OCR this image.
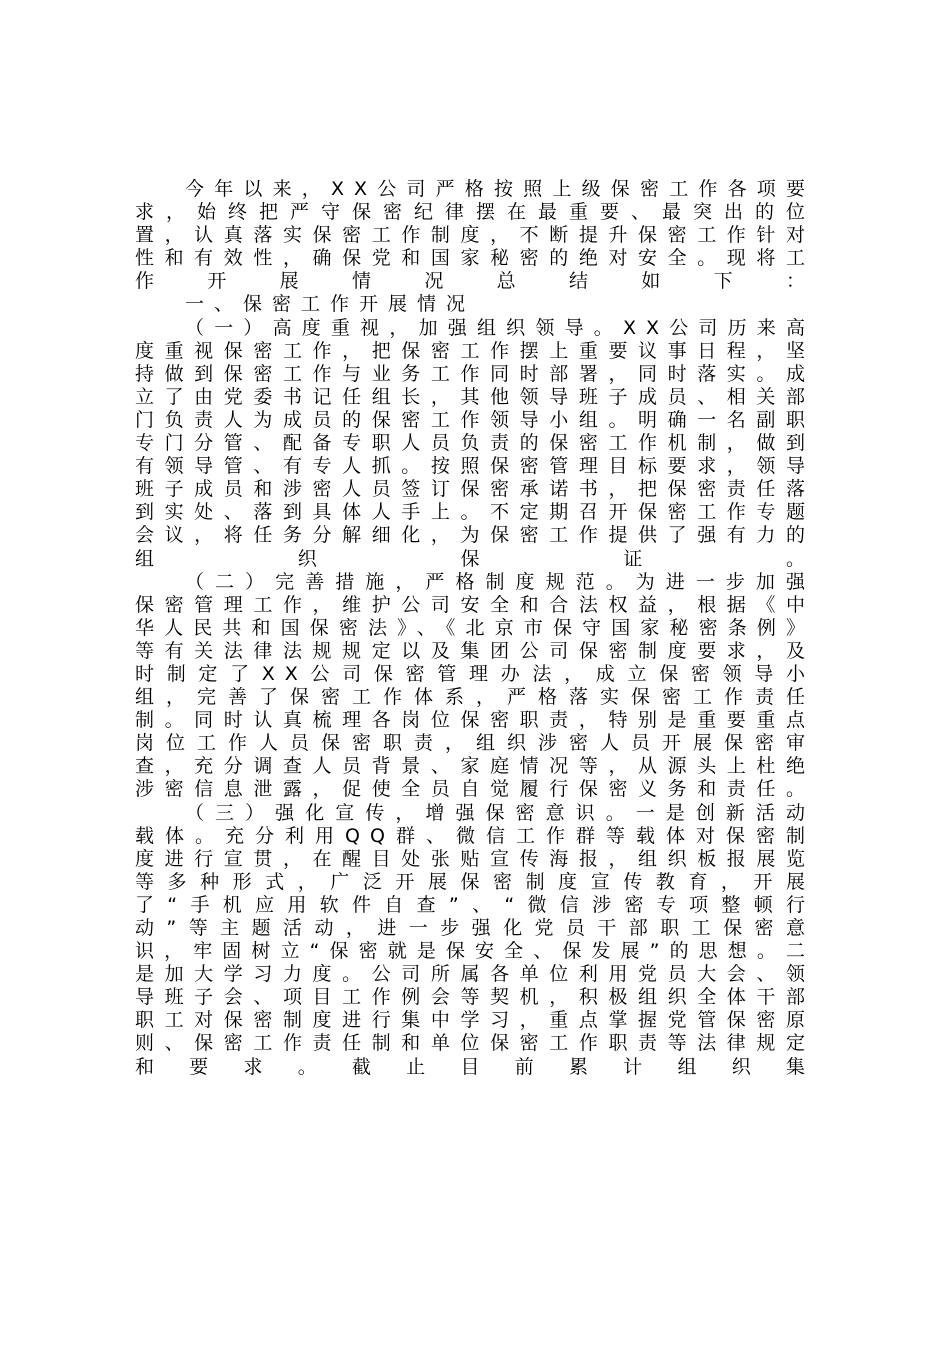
今年以来，XX公司严格按照上级保密工作各项要求，始终把严守保密纪律摆在最重要、最突出的位置，认真落实保密工作制度，不断提升保密工作针对性和有效性，确保党和国家秘密的绝对安全。现将工作开展情况总结如下：

一、保密工作开展情况

（一）高度重视，加强组织领导。XX公司历来高度重视保密工作，把保密工作摆上重要议事日程，坚持做到保密工作与业务工作同时部署，同时落实。成立了由党委书记任组长，其他领导班子成员、相关部门负责人为成员的保密工作领导小组。明确一名副职专门分管、配备专职人员负责的保密工作机制，做到有领导管、有专人抓。按照保密管理目标要求，领导班子成员和涉密人员签订保密承诺书，把保密责任落到实处、落到具体人手上。不定期召开保密工作专题会议，将任务分解细化，为保密工作提供了强有力的组织保证。

（二）完善措施，严格制度规范。为进一步加强保密管理工作，维护公司安全和合法权益，根据《中华人民共和国保密法》、《北京市保守国家秘密条例》等有关法律法规规定以及集团公司保密制度要求，及时制定了XX公司保密管理办法，成立保密领导小组，完善了保密工作体系，严格落实保密工作责任制。同时认真梳理各岗位保密职责，特别是重要重点岗位工作人员保密职责，组织涉密人员开展保密审查，充分调查人员背景、家庭情况等，从源头上杜绝涉密信息泄露，促使全员自觉履行保密义务和责任。

（三）强化宣传，增强保密意识。一是创新活动载体。充分利用QQ群、微信工作群等载体对保密制度进行宣贯，在醒目处张贴宣传海报，组织板报展览等多种形式，广泛开展保密制度宣传教育，开展了“手机应用软件自查”、“微信涉密专项整顿行动”等主题活动，进一步强化党员干部职工保密意识，牢固树立“保密就是保安全、保发展”的思想。二是加大学习力度。公司所属各单位利用党员大会、领导班子会、项目工作例会等契机，积极组织全体干部职工对保密制度进行集中学习，重点掌握党管保密原则、保密工作责任制和单位保密工作职责等法律规定和要求。截止目前累计组织集
